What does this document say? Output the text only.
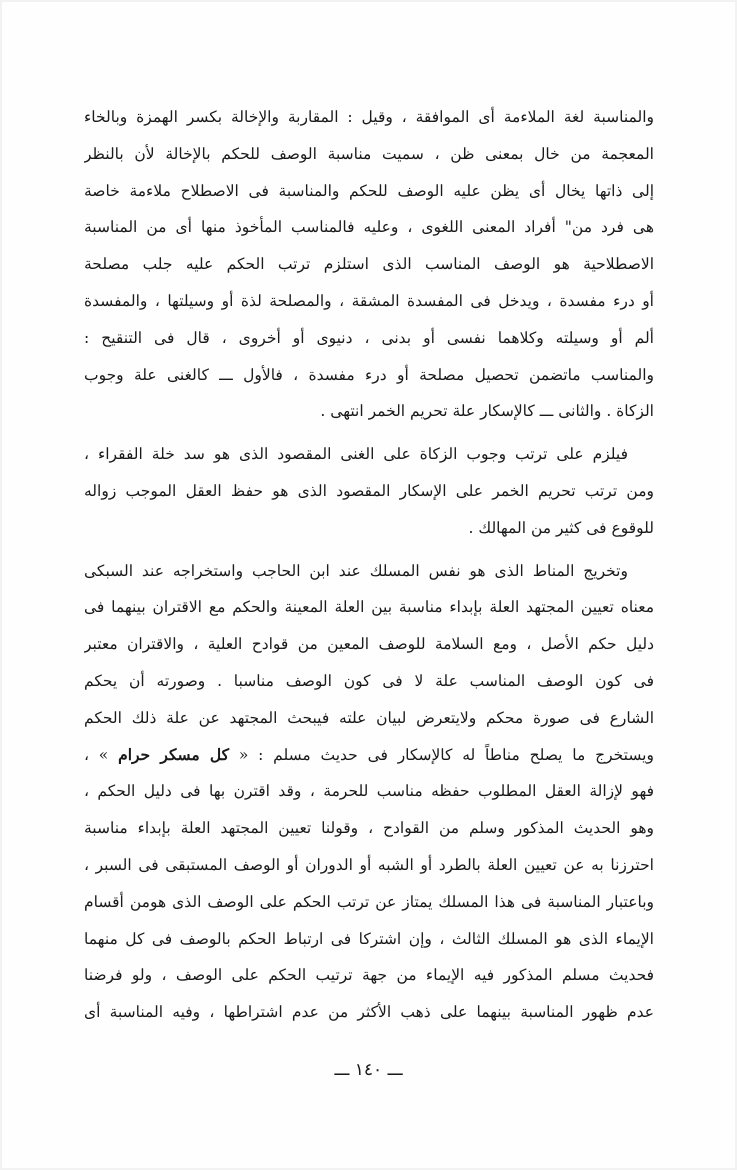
والمناسبة لغة الملاءمة أى الموافقة ، وقيل : المقاربة والإخالة بكسر الهمزة وبالخاء
المعجمة من خال بمعنى ظن ، سميت مناسبة الوصف للحكم بالإخالة لأن بالنظر
إلى ذاتها يخال أى يظن عليه الوصف للحكم والمناسبة فى الاصطلاح ملاءمة خاصة
هى فرد من" أفراد المعنى اللغوى ، وعليه فالمناسب المأخوذ منها أى من المناسبة
الاصطلاحية هو الوصف المناسب الذى استلزم ترتب الحكم عليه جلب مصلحة
أو درء مفسدة ، ويدخل فى المفسدة المشقة ، والمصلحة لذة أو وسيلتها ، والمفسدة
ألم أو وسيلته وكلاهما نفسى أو بدنى ، دنيوى أو أخروى ، قال فى التنقيح :
والمناسب ماتضمن تحصيل مصلحة أو درء مفسدة ، فالأول ـــ كالغنى علة وجوب
الزكاة . والثانى ـــ كالإسكار علة تحريم الخمر انتهى .
فيلزم على ترتب وجوب الزكاة على الغنى المقصود الذى هو سد خلة الفقراء ،
ومن ترتب تحريم الخمر على الإسكار المقصود الذى هو حفظ العقل الموجب زواله
للوقوع فى كثير من المهالك .
وتخريج المناط الذى هو نفس المسلك عند ابن الحاجب واستخراجه عند السبكى
معناه تعيين المجتهد العلة بإبداء مناسبة بين العلة المعينة والحكم مع الاقتران بينهما فى
دليل حكم الأصل ، ومع السلامة للوصف المعين من قوادح العلية ، والاقتران معتبر
فى كون الوصف المناسب علة لا فى كون الوصف مناسبا . وصورته أن يحكم
الشارع فى صورة محكم ولايتعرض لبيان علته فيبحث المجتهد عن علة ذلك الحكم
ويستخرج ما يصلح مناطاً له كالإسكار فى حديث مسلم : « كل مسكر حرام » ،
فهو لإزالة العقل المطلوب حفظه مناسب للحرمة ، وقد اقترن بها فى دليل الحكم ،
وهو الحديث المذكور وسلم من القوادح ، وقولنا تعيين المجتهد العلة بإبداء مناسبة
احترزنا به عن تعيين العلة بالطرد أو الشبه أو الدوران أو الوصف المستبقى فى السبر ،
وباعتبار المناسبة فى هذا المسلك يمتاز عن ترتب الحكم على الوصف الذى هومن أقسام
الإيماء الذى هو المسلك الثالث ، وإن اشتركا فى ارتباط الحكم بالوصف فى كل منهما
فحديث مسلم المذكور فيه الإيماء من جهة ترتيب الحكم على الوصف ، ولو فرضنا
عدم ظهور المناسبة بينهما على ذهب الأكثر من عدم اشتراطها ، وفيه المناسبة أى
ـــ ١٤٠ ـــ
